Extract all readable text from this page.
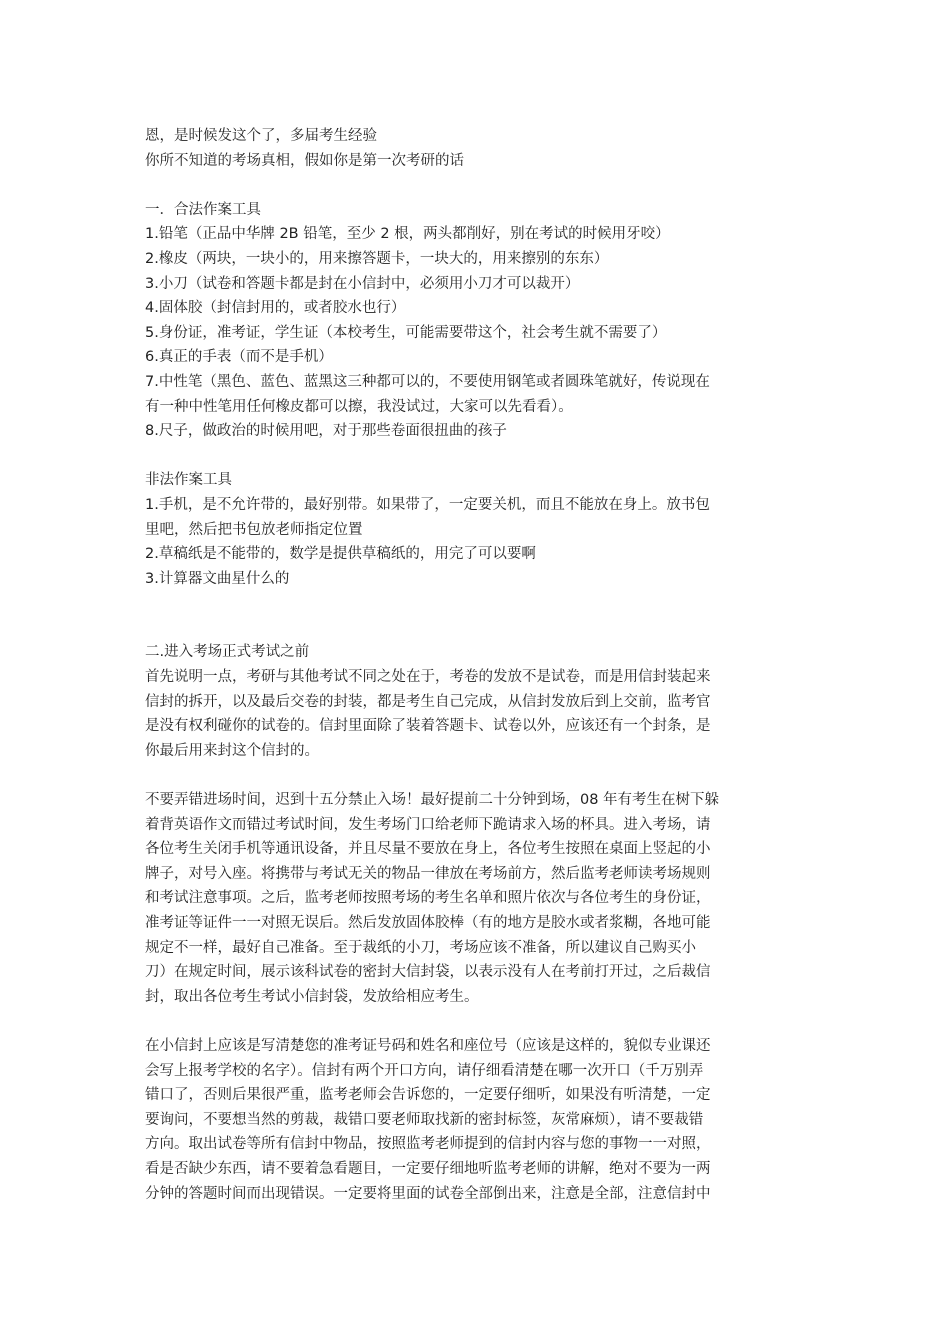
恩，是时候发这个了，多届考生经验
你所不知道的考场真相，假如你是第一次考研的话
一．合法作案工具
1.铅笔（正品中华牌 2B 铅笔，至少 2 根，两头都削好，别在考试的时候用牙咬）
2.橡皮（两块，一块小的，用来擦答题卡，一块大的，用来擦别的东东）
3.小刀（试卷和答题卡都是封在小信封中，必须用小刀才可以裁开）
4.固体胶（封信封用的，或者胶水也行）
5.身份证，准考证，学生证（本校考生，可能需要带这个，社会考生就不需要了）
6.真正的手表（而不是手机）
7.中性笔（黑色、蓝色、蓝黑这三种都可以的，不要使用钢笔或者圆珠笔就好，传说现在
有一种中性笔用任何橡皮都可以擦，我没试过，大家可以先看看）。
8.尺子，做政治的时候用吧，对于那些卷面很扭曲的孩子
非法作案工具
1.手机，是不允许带的，最好别带。如果带了，一定要关机，而且不能放在身上。放书包
里吧，然后把书包放老师指定位置
2.草稿纸是不能带的，数学是提供草稿纸的，用完了可以要啊
3.计算器文曲星什么的
二.进入考场正式考试之前
首先说明一点，考研与其他考试不同之处在于，考卷的发放不是试卷，而是用信封装起来
信封的拆开，以及最后交卷的封装，都是考生自己完成，从信封发放后到上交前，监考官
是没有权利碰你的试卷的。信封里面除了装着答题卡、试卷以外，应该还有一个封条，是
你最后用来封这个信封的。
不要弄错进场时间，迟到十五分禁止入场！最好提前二十分钟到场，08 年有考生在树下躲
着背英语作文而错过考试时间，发生考场门口给老师下跪请求入场的杯具。进入考场，请
各位考生关闭手机等通讯设备，并且尽量不要放在身上，各位考生按照在桌面上竖起的小
牌子，对号入座。将携带与考试无关的物品一律放在考场前方，然后监考老师读考场规则
和考试注意事项。之后，监考老师按照考场的考生名单和照片依次与各位考生的身份证，
准考证等证件一一对照无误后。然后发放固体胶棒（有的地方是胶水或者浆糊，各地可能
规定不一样，最好自己准备。至于裁纸的小刀，考场应该不准备，所以建议自己购买小
刀）在规定时间，展示该科试卷的密封大信封袋，以表示没有人在考前打开过，之后裁信
封，取出各位考生考试小信封袋，发放给相应考生。
在小信封上应该是写清楚您的准考证号码和姓名和座位号（应该是这样的，貌似专业课还
会写上报考学校的名字）。信封有两个开口方向，请仔细看清楚在哪一次开口（千万别弄
错口了，否则后果很严重，监考老师会告诉您的，一定要仔细听，如果没有听清楚，一定
要询问，不要想当然的剪裁，裁错口要老师取找新的密封标签，灰常麻烦），请不要裁错
方向。取出试卷等所有信封中物品，按照监考老师提到的信封内容与您的事物一一对照，
看是否缺少东西，请不要着急看题目，一定要仔细地听监考老师的讲解，绝对不要为一两
分钟的答题时间而出现错误。一定要将里面的试卷全部倒出来，注意是全部，注意信封中
